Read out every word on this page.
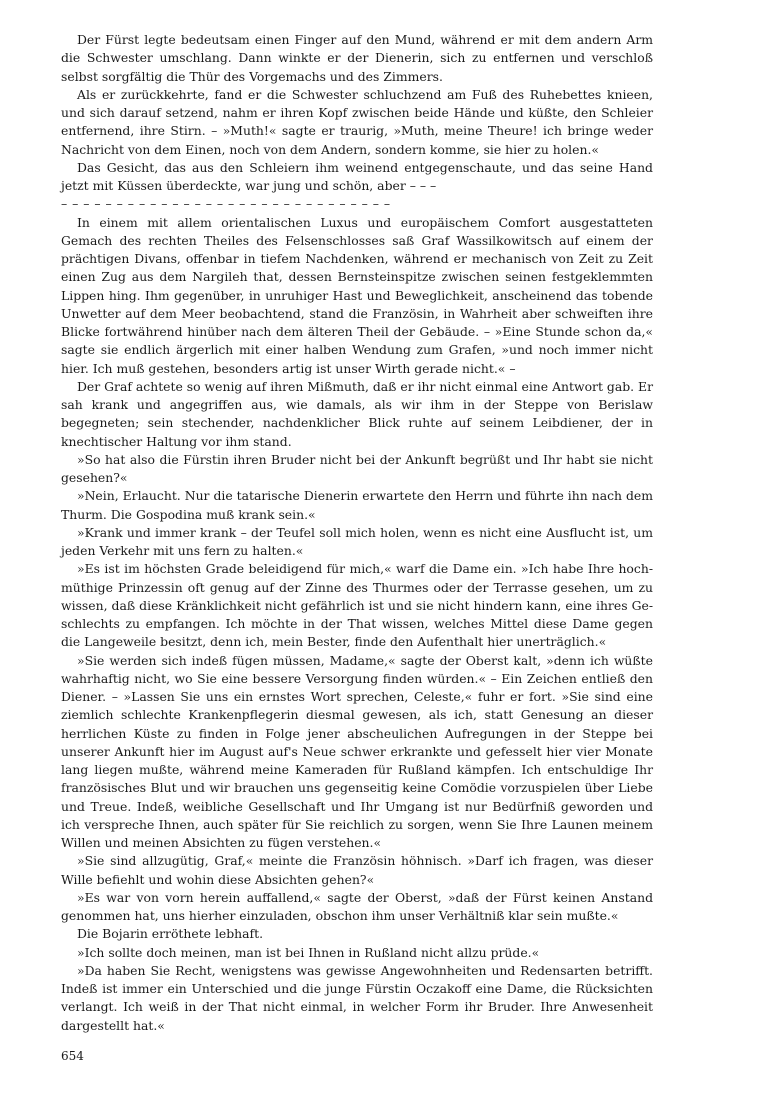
Der Fürst legte bedeutsam einen Finger auf den Mund, während er mit dem andern Arm die Schwester umschlang. Dann winkte er der Dienerin, sich zu entfernen und verschloß selbst sorgfältig die Thür des Vorgemachs und des Zimmers.

Als er zurückkehrte, fand er die Schwester schluchzend am Fuß des Ruhebettes knieen, und sich darauf setzend, nahm er ihren Kopf zwischen beide Hände und küßte, den Schleier entfernend, ihre Stirn. – »Muth!« sagte er traurig, »Muth, meine Theure! ich bringe weder Nachricht von dem Einen, noch von dem Andern, sondern komme, sie hier zu holen.«

Das Gesicht, das aus den Schleiern ihm weinend entgegenschaute, und das seine Hand jetzt mit Küssen überdeckte, war jung und schön, aber – – –

– – – – – – – – – – – – – – – – – – – – – – – – – – – – – –

In einem mit allem orientalischen Luxus und europäischem Comfort ausgestatteten Gemach des rechten Theiles des Felsenschlosses saß Graf Wassilkowitsch auf einem der prächtigen Divans, offenbar in tiefem Nachdenken, während er mechanisch von Zeit zu Zeit einen Zug aus dem Nargileh that, dessen Bernsteinspitze zwischen seinen festgeklemmten Lippen hing. Ihm gegenüber, in unruhiger Hast und Beweglichkeit, anscheinend das tobende Unwetter auf dem Meer beobachtend, stand die Französin, in Wahrheit aber schweiften ihre Blicke fortwährend hinüber nach dem älteren Theil der Gebäude. – »Eine Stunde schon da,« sagte sie endlich ärgerlich mit einer halben Wendung zum Grafen, »und noch immer nicht hier. Ich muß gestehen, besonders artig ist unser Wirth gerade nicht.« –

Der Graf achtete so wenig auf ihren Mißmuth, daß er ihr nicht einmal eine Antwort gab. Er sah krank und angegriffen aus, wie damals, als wir ihm in der Steppe von Berislaw begegneten; sein stechender, nachdenklicher Blick ruhte auf seinem Leibdiener, der in knechtischer Haltung vor ihm stand.

»So hat also die Fürstin ihren Bruder nicht bei der Ankunft begrüßt und Ihr habt sie nicht gesehen?«

»Nein, Erlaucht. Nur die tatarische Dienerin erwartete den Herrn und führte ihn nach dem Thurm. Die Gospodina muß krank sein.«

»Krank und immer krank – der Teufel soll mich holen, wenn es nicht eine Ausflucht ist, um jeden Verkehr mit uns fern zu halten.«

»Es ist im höchsten Grade beleidigend für mich,« warf die Dame ein. »Ich habe Ihre hochmüthige Prinzessin oft genug auf der Zinne des Thurmes oder der Terrasse gesehen, um zu wissen, daß diese Kränklichkeit nicht gefährlich ist und sie nicht hindern kann, eine ihres Geschlechts zu empfangen. Ich möchte in der That wissen, welches Mittel diese Dame gegen die Langeweile besitzt, denn ich, mein Bester, finde den Aufenthalt hier unerträglich.«

»Sie werden sich indeß fügen müssen, Madame,« sagte der Oberst kalt, »denn ich wüßte wahrhaftig nicht, wo Sie eine bessere Versorgung finden würden.« – Ein Zeichen entließ den Diener. – »Lassen Sie uns ein ernstes Wort sprechen, Celeste,« fuhr er fort. »Sie sind eine ziemlich schlechte Krankenpflegerin diesmal gewesen, als ich, statt Genesung an dieser herrlichen Küste zu finden in Folge jener abscheulichen Aufregungen in der Steppe bei unserer Ankunft hier im August auf's Neue schwer erkrankte und gefesselt hier vier Monate lang liegen mußte, während meine Kameraden für Rußland kämpfen. Ich entschuldige Ihr französisches Blut und wir brauchen uns gegenseitig keine Comödie vorzuspielen über Liebe und Treue. Indeß, weibliche Gesellschaft und Ihr Umgang ist nur Bedürfniß geworden und ich verspreche Ihnen, auch später für Sie reichlich zu sorgen, wenn Sie Ihre Launen meinem Willen und meinen Absichten zu fügen verstehen.«

»Sie sind allzugütig, Graf,« meinte die Französin höhnisch. »Darf ich fragen, was dieser Wille befiehlt und wohin diese Absichten gehen?«

»Es war von vorn herein auffallend,« sagte der Oberst, »daß der Fürst keinen Anstand genommen hat, uns hierher einzuladen, obschon ihm unser Verhältniß klar sein mußte.«

Die Bojarin erröthete lebhaft.

»Ich sollte doch meinen, man ist bei Ihnen in Rußland nicht allzu prüde.«

»Da haben Sie Recht, wenigstens was gewisse Angewohnheiten und Redensarten betrifft. Indeß ist immer ein Unterschied und die junge Fürstin Oczakoff eine Dame, die Rücksichten verlangt. Ich weiß in der That nicht einmal, in welcher Form ihr Bruder. Ihre Anwesenheit dargestellt hat.«

654
